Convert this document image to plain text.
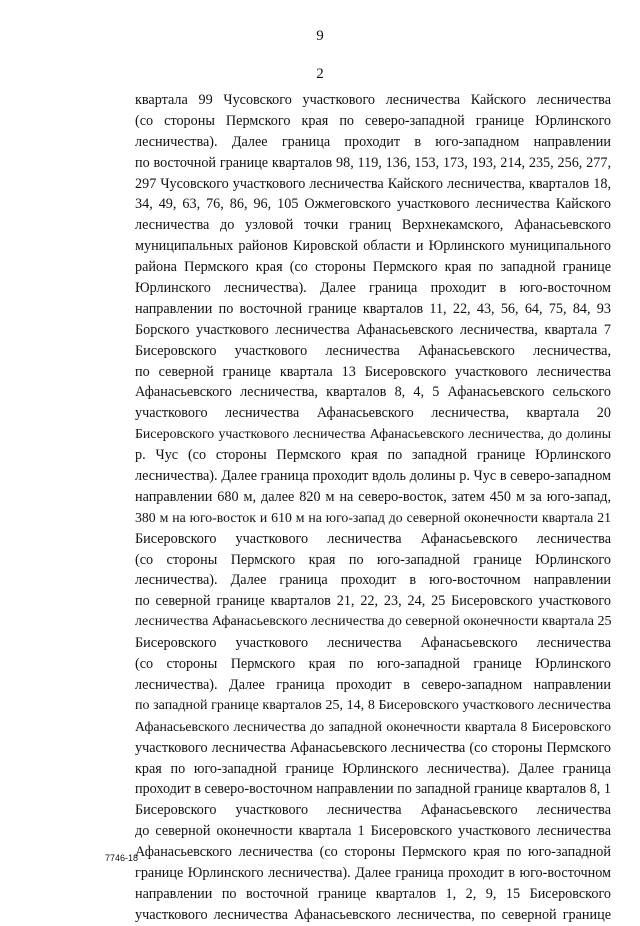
9
2
квартала 99 Чусовского участкового лесничества Кайского лесничества
(со стороны Пермского края по северо-западной границе Юрлинского
лесничества). Далее граница проходит в юго-западном направлении
по восточной границе кварталов 98, 119, 136, 153, 173, 193, 214, 235, 256, 277,
297 Чусовского участкового лесничества Кайского лесничества, кварталов 18,
34, 49, 63, 76, 86, 96, 105 Ожмеговского участкового лесничества Кайского
лесничества до узловой точки границ Верхнекамского, Афанасьевского
муниципальных районов Кировской области и Юрлинского муниципального
района Пермского края (со стороны Пермского края по западной границе
Юрлинского лесничества). Далее граница проходит в юго-восточном
направлении по восточной границе кварталов 11, 22, 43, 56, 64, 75, 84, 93
Борского участкового лесничества Афанасьевского лесничества, квартала 7
Бисеровского участкового лесничества Афанасьевского лесничества,
по северной границе квартала 13 Бисеровского участкового лесничества
Афанасьевского лесничества, кварталов 8, 4, 5 Афанасьевского сельского
участкового лесничества Афанасьевского лесничества, квартала 20
Бисеровского участкового лесничества Афанасьевского лесничества, до долины
р. Чус (со стороны Пермского края по западной границе Юрлинского
лесничества). Далее граница проходит вдоль долины р. Чус в северо-западном
направлении 680 м, далее 820 м на северо-восток, затем 450 м за юго-запад,
380 м на юго-восток и 610 м на юго-запад до северной оконечности квартала 21
Бисеровского участкового лесничества Афанасьевского лесничества
(со стороны Пермского края по юго-западной границе Юрлинского
лесничества). Далее граница проходит в юго-восточном направлении
по северной границе кварталов 21, 22, 23, 24, 25 Бисеровского участкового
лесничества Афанасьевского лесничества до северной оконечности квартала 25
Бисеровского участкового лесничества Афанасьевского лесничества
(со стороны Пермского края по юго-западной границе Юрлинского
лесничества). Далее граница проходит в северо-западном направлении
по западной границе кварталов 25, 14, 8 Бисеровского участкового лесничества
Афанасьевского лесничества до западной оконечности квартала 8 Бисеровского
участкового лесничества Афанасьевского лесничества (со стороны Пермского
края по юго-западной границе Юрлинского лесничества). Далее граница
проходит в северо-восточном направлении по западной границе кварталов 8, 1
Бисеровского участкового лесничества Афанасьевского лесничества
до северной оконечности квартала 1 Бисеровского участкового лесничества
Афанасьевского лесничества (со стороны Пермского края по юго-западной
границе Юрлинского лесничества). Далее граница проходит в юго-восточном
направлении по восточной границе кварталов 1, 2, 9, 15 Бисеровского
участкового лесничества Афанасьевского лесничества, по северной границе
7746-18
